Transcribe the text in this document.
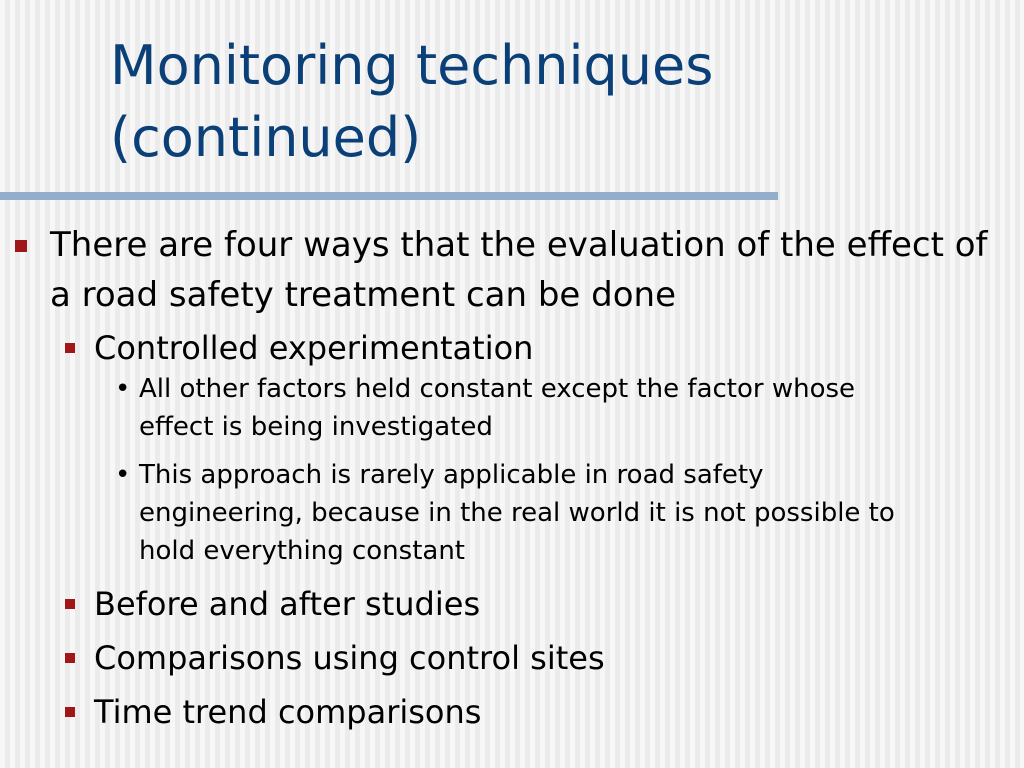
Monitoring techniques (continued)
There are four ways that the evaluation of the effect of a road safety treatment can be done
Controlled experimentation
• All other factors held constant except the factor whose effect is being investigated
• This approach is rarely applicable in road safety engineering, because in the real world it is not possible to hold everything constant
Before and after studies
Comparisons using control sites
Time trend comparisons
